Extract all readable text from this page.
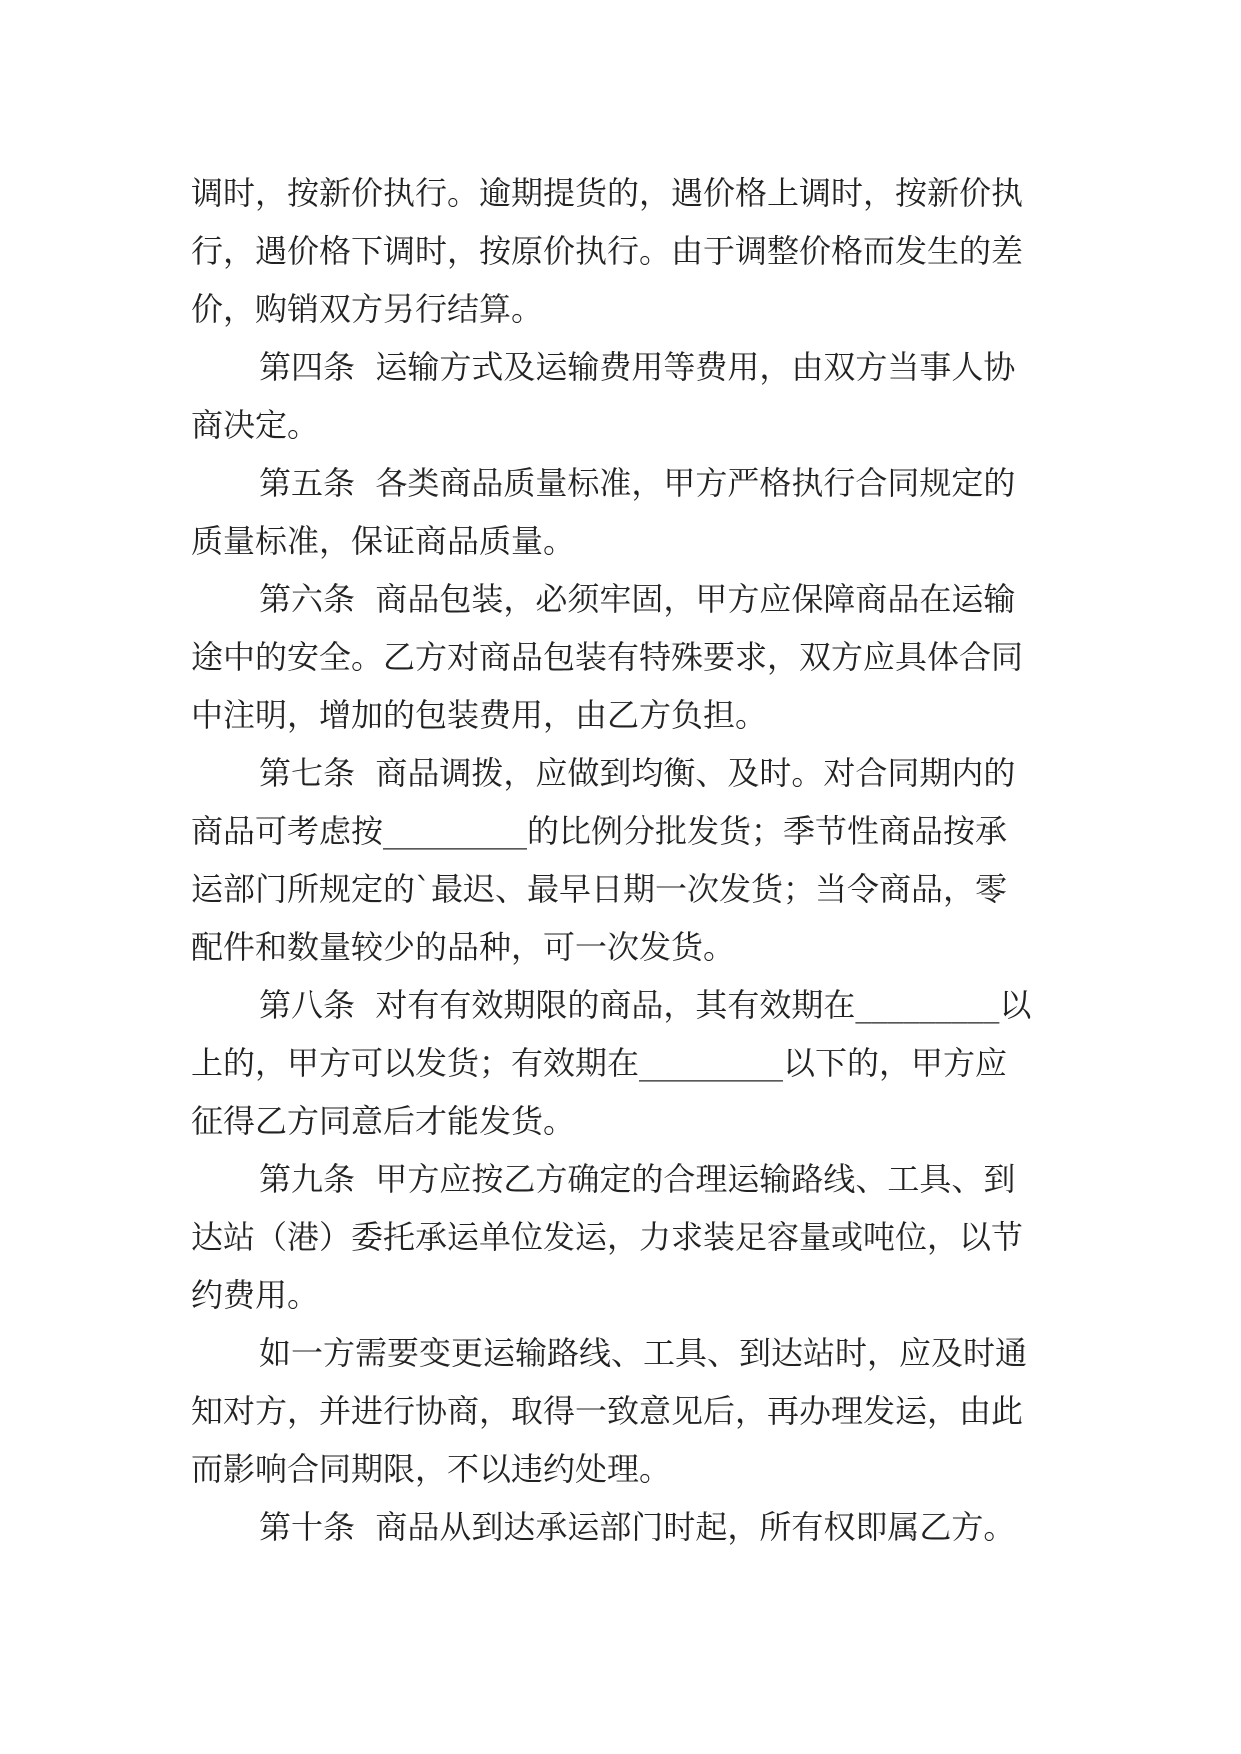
调时，按新价执行。逾期提货的，遇价格上调时，按新价执
行，遇价格下调时，按原价执行。由于调整价格而发生的差
价，购销双方另行结算。
第四条  运输方式及运输费用等费用，由双方当事人协
商决定。
第五条  各类商品质量标准，甲方严格执行合同规定的
质量标准，保证商品质量。
第六条  商品包装，必须牢固，甲方应保障商品在运输
途中的安全。乙方对商品包装有特殊要求，双方应具体合同
中注明，增加的包装费用，由乙方负担。
第七条  商品调拨，应做到均衡、及时。对合同期内的
商品可考虑按_________的比例分批发货；季节性商品按承
运部门所规定的`最迟、最早日期一次发货；当令商品，零
配件和数量较少的品种，可一次发货。
第八条  对有有效期限的商品，其有效期在_________以
上的，甲方可以发货；有效期在_________以下的，甲方应
征得乙方同意后才能发货。
第九条  甲方应按乙方确定的合理运输路线、工具、到
达站（港）委托承运单位发运，力求装足容量或吨位，以节
约费用。
如一方需要变更运输路线、工具、到达站时，应及时通
知对方，并进行协商，取得一致意见后，再办理发运，由此
而影响合同期限，不以违约处理。
第十条  商品从到达承运部门时起，所有权即属乙方。
